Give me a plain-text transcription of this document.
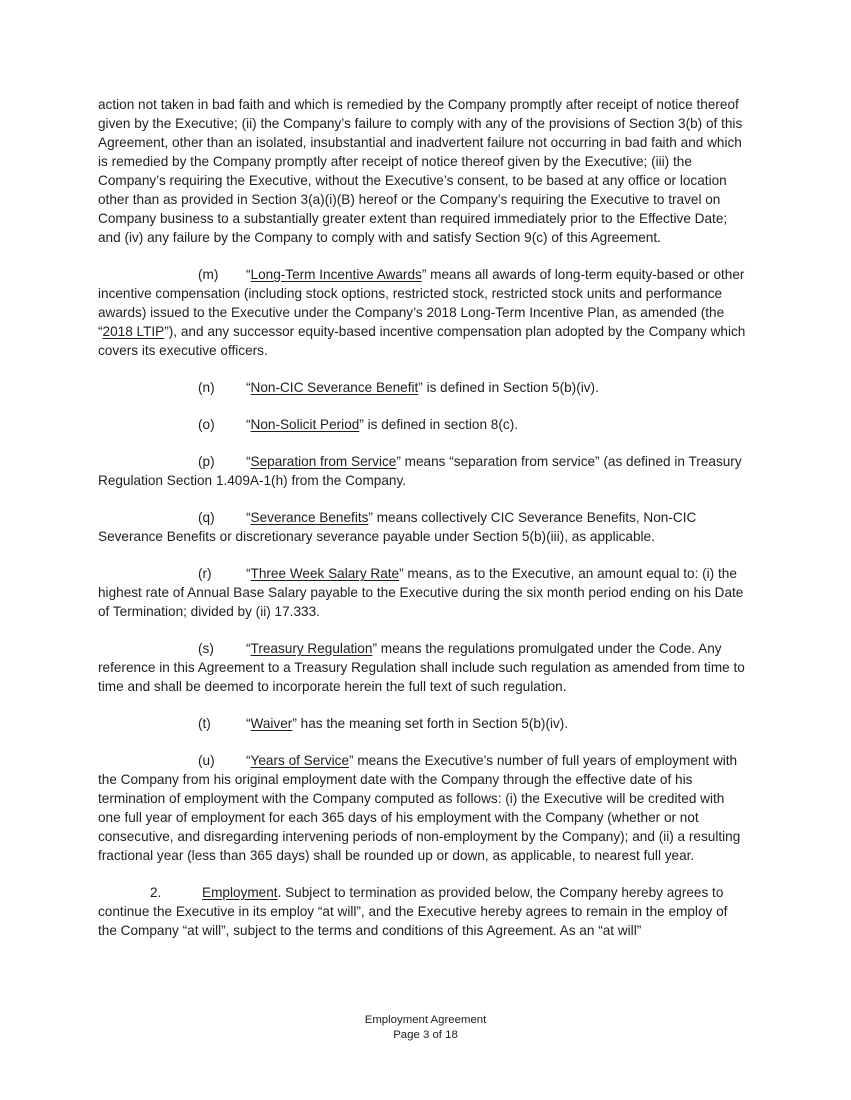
action not taken in bad faith and which is remedied by the Company promptly after receipt of notice thereof given by the Executive; (ii) the Company’s failure to comply with any of the provisions of Section 3(b) of this Agreement, other than an isolated, insubstantial and inadvertent failure not occurring in bad faith and which is remedied by the Company promptly after receipt of notice thereof given by the Executive; (iii) the Company’s requiring the Executive, without the Executive’s consent, to be based at any office or location other than as provided in Section 3(a)(i)(B) hereof or the Company’s requiring the Executive to travel on Company business to a substantially greater extent than required immediately prior to the Effective Date; and (iv) any failure by the Company to comply with and satisfy Section 9(c) of this Agreement.

(m) “Long-Term Incentive Awards” means all awards of long-term equity-based or other incentive compensation (including stock options, restricted stock, restricted stock units and performance awards) issued to the Executive under the Company’s 2018 Long-Term Incentive Plan, as amended (the “2018 LTIP”), and any successor equity-based incentive compensation plan adopted by the Company which covers its executive officers.

(n) “Non-CIC Severance Benefit” is defined in Section 5(b)(iv).

(o) “Non-Solicit Period” is defined in section 8(c).

(p) “Separation from Service” means “separation from service” (as defined in Treasury Regulation Section 1.409A-1(h) from the Company.

(q) “Severance Benefits” means collectively CIC Severance Benefits, Non-CIC Severance Benefits or discretionary severance payable under Section 5(b)(iii), as applicable.

(r)	“Three Week Salary Rate” means, as to the Executive, an amount equal to: (i) the highest rate of Annual Base Salary payable to the Executive during the six month period ending on his Date of Termination; divided by (ii) 17.333.

(s) “Treasury Regulation” means the regulations promulgated under the Code. Any reference in this Agreement to a Treasury Regulation shall include such regulation as amended from time to time and shall be deemed to incorporate herein the full text of such regulation.

(t)	“Waiver” has the meaning set forth in Section 5(b)(iv).

(u) “Years of Service” means the Executive’s number of full years of employment with the Company from his original employment date with the Company through the effective date of his termination of employment with the Company computed as follows: (i) the Executive will be credited with one full year of employment for each 365 days of his employment with the Company (whether or not consecutive, and disregarding intervening periods of non-employment by the Company); and (ii) a resulting fractional year (less than 365 days) shall be rounded up or down, as applicable, to nearest full year.

2.	Employment. Subject to termination as provided below, the Company hereby agrees to continue the Executive in its employ “at will”, and the Executive hereby agrees to remain in the employ of the Company “at will”, subject to the terms and conditions of this Agreement. As an “at will”

Employment Agreement
Page 3 of 18
